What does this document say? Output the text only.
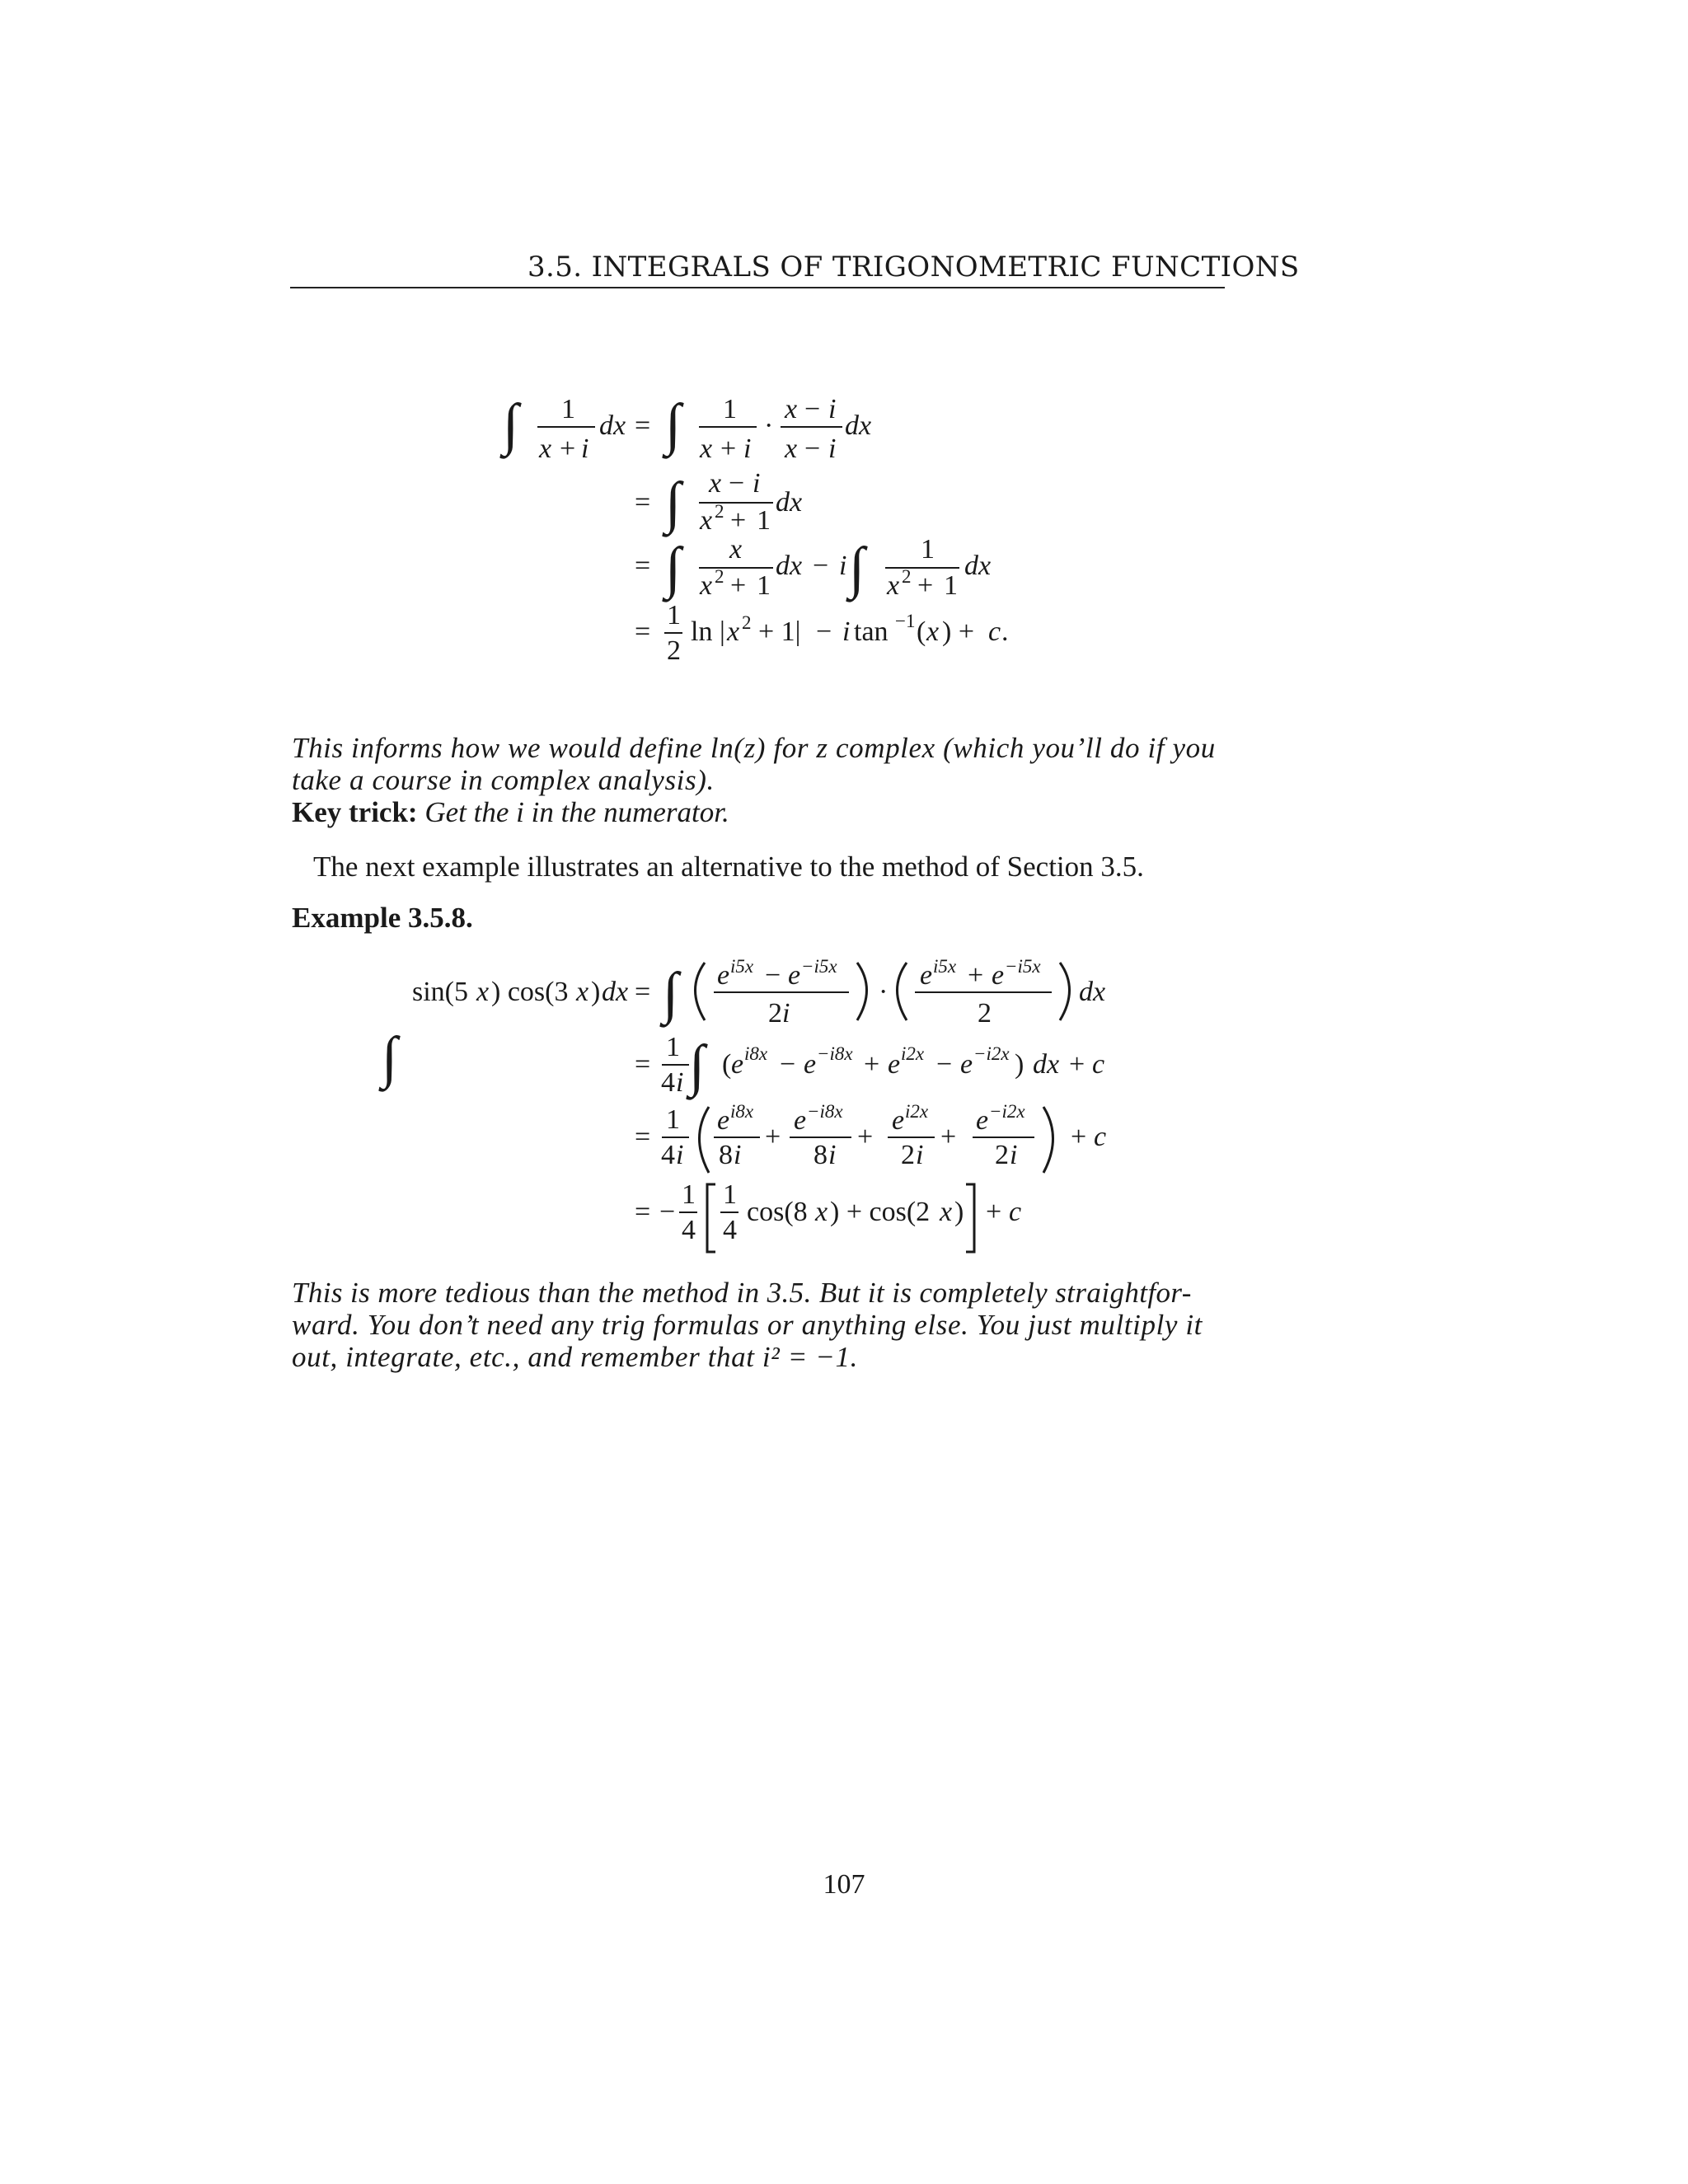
3.5. INTEGRALS OF TRIGONOMETRIC FUNCTIONS
∫ 1
x + i
dx = ∫ 1
x + i
·
x − i
x − i
dx
= ∫ x − i
x 2 + 1
dx
= ∫ x
x 2 + 1
dx − i ∫ 1
x 2 + 1
dx
=
1
2
ln | x 2 + 1| − i tan −1 ( x ) + c .
This informs how we would define ln(z) for z complex (which you’ll do if you
take a course in complex analysis).
Key trick: Get the i in the numerator.
The next example illustrates an alternative to the method of Section 3.5.
Example 3.5.8.
∫
sin(5 x ) cos(3 x ) dx = ∫ e i5x − e −i5x
2 i
·
e i5x + e −i5x
2
dx
=
1
4 i ∫ ( e i8x − e −i8x + e i2x − e −i2x ) dx + c
=
1
4 i
e i8x
8 i
+
e −i8x
8 i
+
e i2x
2 i
+
e −i2x
2 i
+ c
= −
1
4
1
4
cos(8 x ) + cos(2 x ) + c
This is more tedious than the method in 3.5. But it is completely straightfor-
ward. You don’t need any trig formulas or anything else. You just multiply it
out, integrate, etc., and remember that i² = −1.
107
